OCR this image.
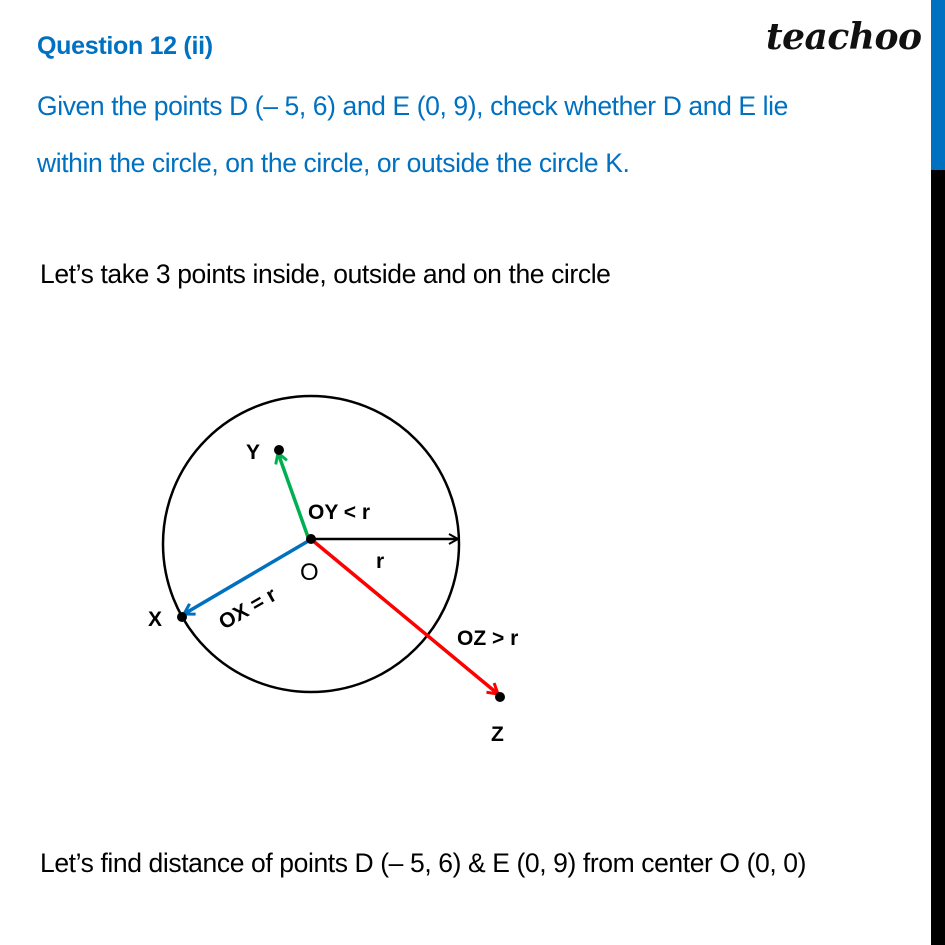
Question 12 (ii)	teachoo
Given the points D (– 5, 6) and E (0, 9), check whether D and E lie
within the circle, on the circle, or outside the circle K.
Let’s take 3 points inside, outside and on the circle
Y
OY < r
r
O
X	OX = r
OZ > r
Z
Let’s find distance of points D (– 5, 6) & E (0, 9) from center O (0, 0)
